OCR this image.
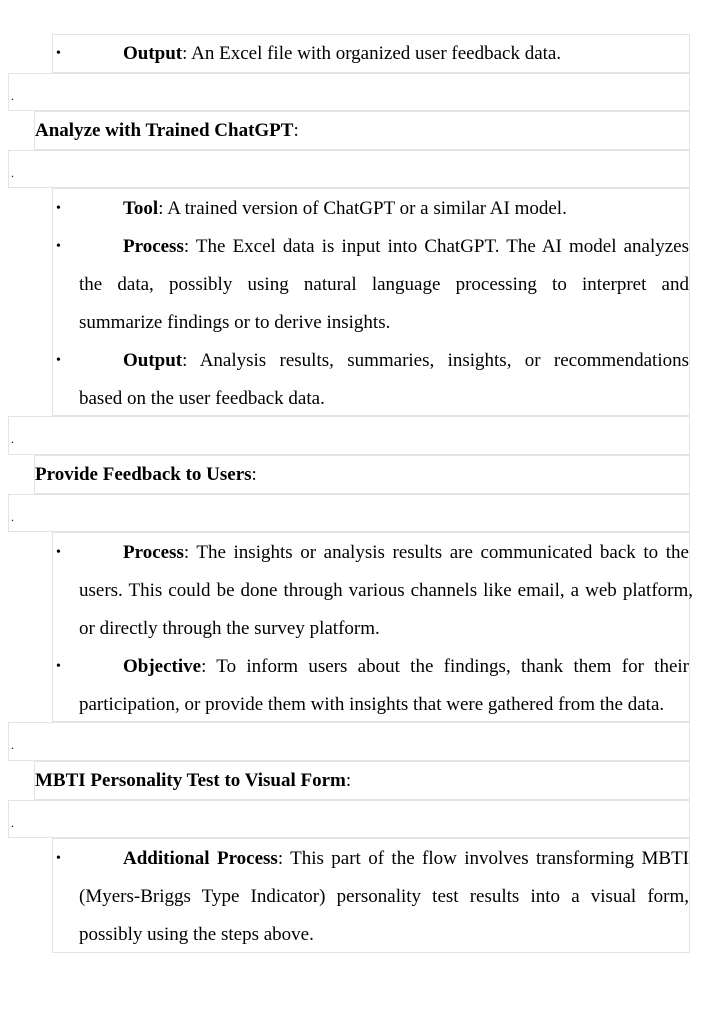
•	Output: An Excel file with organized user feedback data.
.
Analyze with Trained ChatGPT:
.
•	Tool: A trained version of ChatGPT or a similar AI model.
•	Process: The Excel data is input into ChatGPT. The AI model analyzes
the data, possibly using natural language processing to interpret and
summarize findings or to derive insights.
•	Output: Analysis results, summaries, insights, or recommendations
based on the user feedback data.
.
Provide Feedback to Users:
.
•	Process: The insights or analysis results are communicated back to the
users. This could be done through various channels like email, a web platform,
or directly through the survey platform.
•	Objective: To inform users about the findings, thank them for their
participation, or provide them with insights that were gathered from the data.
.
MBTI Personality Test to Visual Form:
.
•	Additional Process: This part of the flow involves transforming MBTI
(Myers-Briggs Type Indicator) personality test results into a visual form,
possibly using the steps above.
